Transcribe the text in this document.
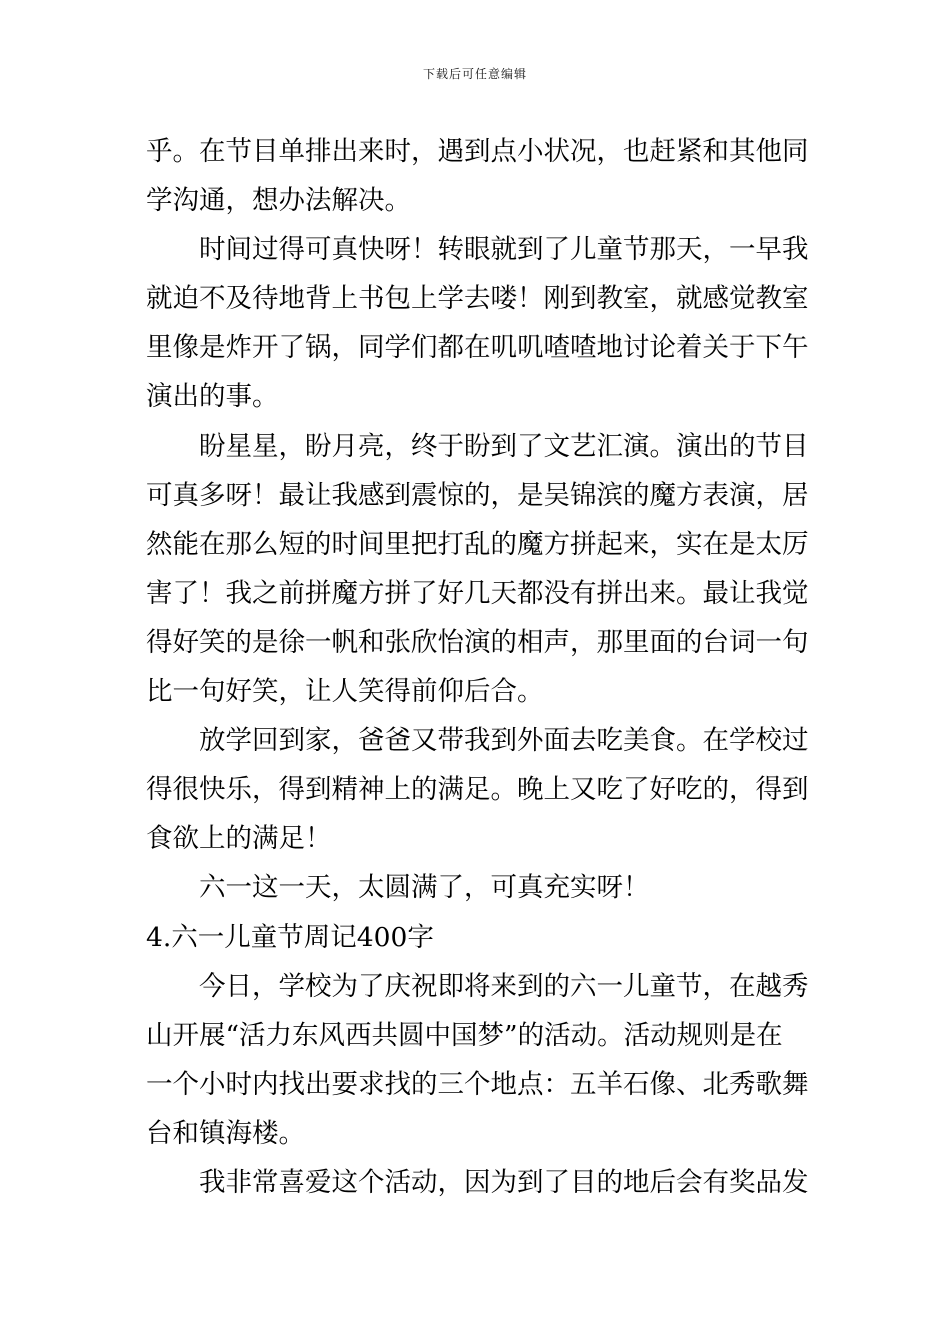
下载后可任意编辑
乎。在节目单排出来时，遇到点小状况，也赶紧和其他同
学沟通，想办法解决。
时间过得可真快呀！转眼就到了儿童节那天，一早我
就迫不及待地背上书包上学去喽！刚到教室，就感觉教室
里像是炸开了锅，同学们都在叽叽喳喳地讨论着关于下午
演出的事。
盼星星，盼月亮，终于盼到了文艺汇演。演出的节目
可真多呀！最让我感到震惊的，是吴锦滨的魔方表演，居
然能在那么短的时间里把打乱的魔方拼起来，实在是太厉
害了！我之前拼魔方拼了好几天都没有拼出来。最让我觉
得好笑的是徐一帆和张欣怡演的相声，那里面的台词一句
比一句好笑，让人笑得前仰后合。
放学回到家，爸爸又带我到外面去吃美食。在学校过
得很快乐，得到精神上的满足。晚上又吃了好吃的，得到
食欲上的满足！
六一这一天，太圆满了，可真充实呀！
4.六一儿童节周记400字
今日，学校为了庆祝即将来到的六一儿童节，在越秀
山开展“活力东风西共圆中国梦”的活动。活动规则是在
一个小时内找出要求找的三个地点：五羊石像、北秀歌舞
台和镇海楼。
我非常喜爱这个活动，因为到了目的地后会有奖品发
